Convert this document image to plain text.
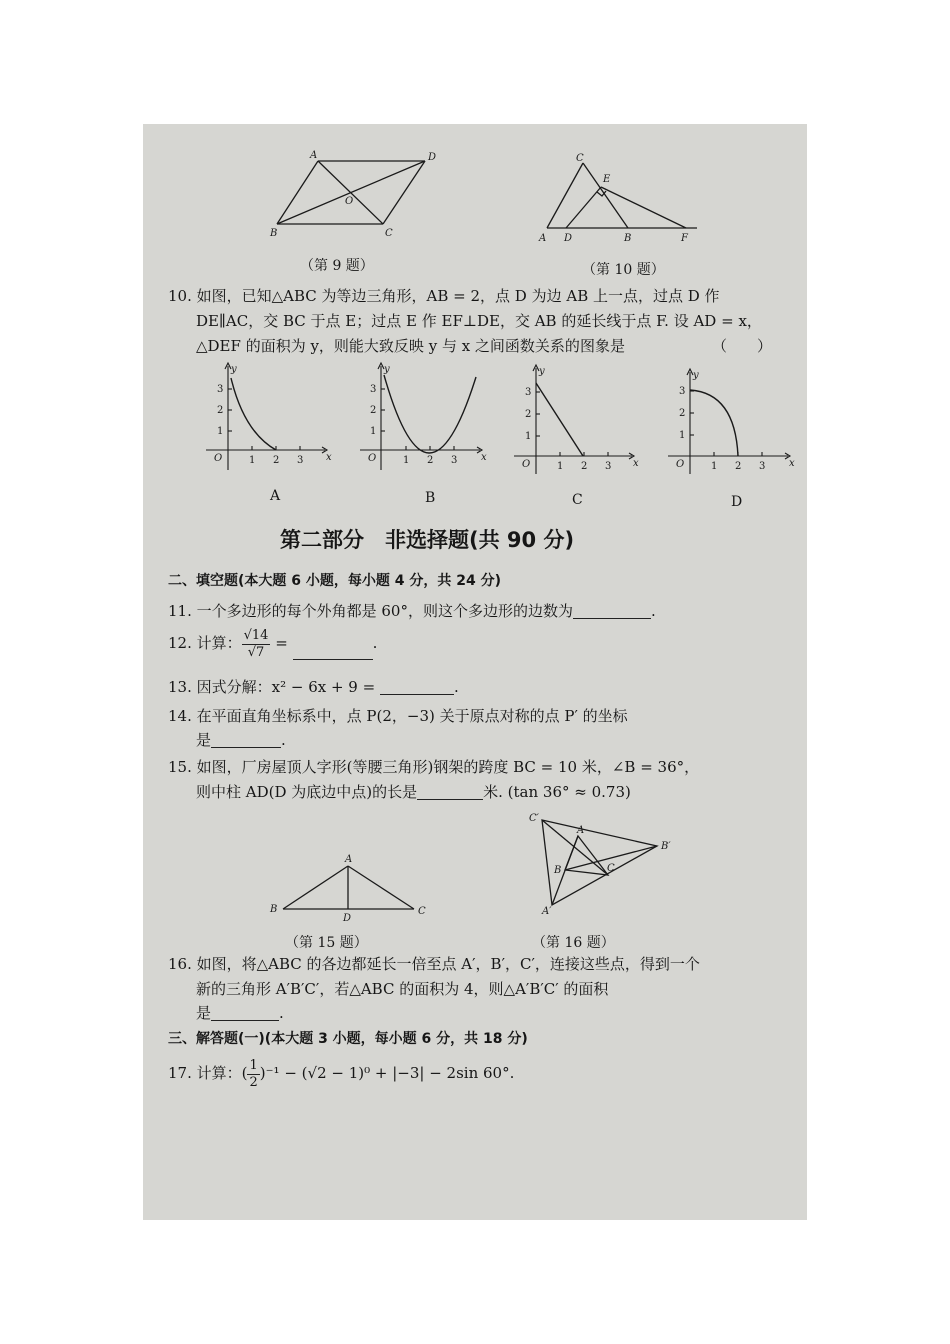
A	D
B	C
O
（第 9 题）
C
E
A D	B	F
（第 10 题）
10. 如图，已知△ABC 为等边三角形，AB = 2，点 D 为边 AB 上一点，过点 D 作
DE∥AC，交 BC 于点 E；过点 E 作 EF⊥DE，交 AB 的延长线于点 F. 设 AD = x，
△DEF 的面积为 y，则能大致反映 y 与 x 之间函数关系的图象是	（　　）
y
x
O
1
2
3
1 2 3
y
x
O
1
2
3
1 2 3
y
x
O
1
2
3
1 2 3
y
x
O
1
2
3
1 2 3
A	B	C	D
第二部分　非选择题(共 90 分)
二、填空题(本大题 6 小题，每小题 4 分，共 24 分)
11. 一个多边形的每个外角都是 60°，则这个多边形的边数为	.
12. 计算： $\frac{√14}{√7}$ =	.
13. 因式分解：x² − 6x + 9 =	.
14. 在平面直角坐标系中，点 P(2，−3) 关于原点对称的点 P′ 的坐标
是	.
15. 如图，厂房屋顶人字形(等腰三角形)钢架的跨度 BC = 10 米，∠B = 36°，
则中柱 AD(D 为底边中点)的长是	米. (tan 36° ≈ 0.73)
A
B	C
D
（第 15 题）
C′
A
B′
B	C
A′
（第 16 题）
16. 如图，将△ABC 的各边都延长一倍至点 A′，B′，C′，连接这些点，得到一个
新的三角形 A′B′C′，若△ABC 的面积为 4，则△A′B′C′ 的面积
是	.
三、解答题(一)(本大题 3 小题，每小题 6 分，共 18 分)
17. 计算：( $\frac{1}{2} )^{-1} - (√2 - 1)^0 + |-3| - 2\sin$ 60°.
